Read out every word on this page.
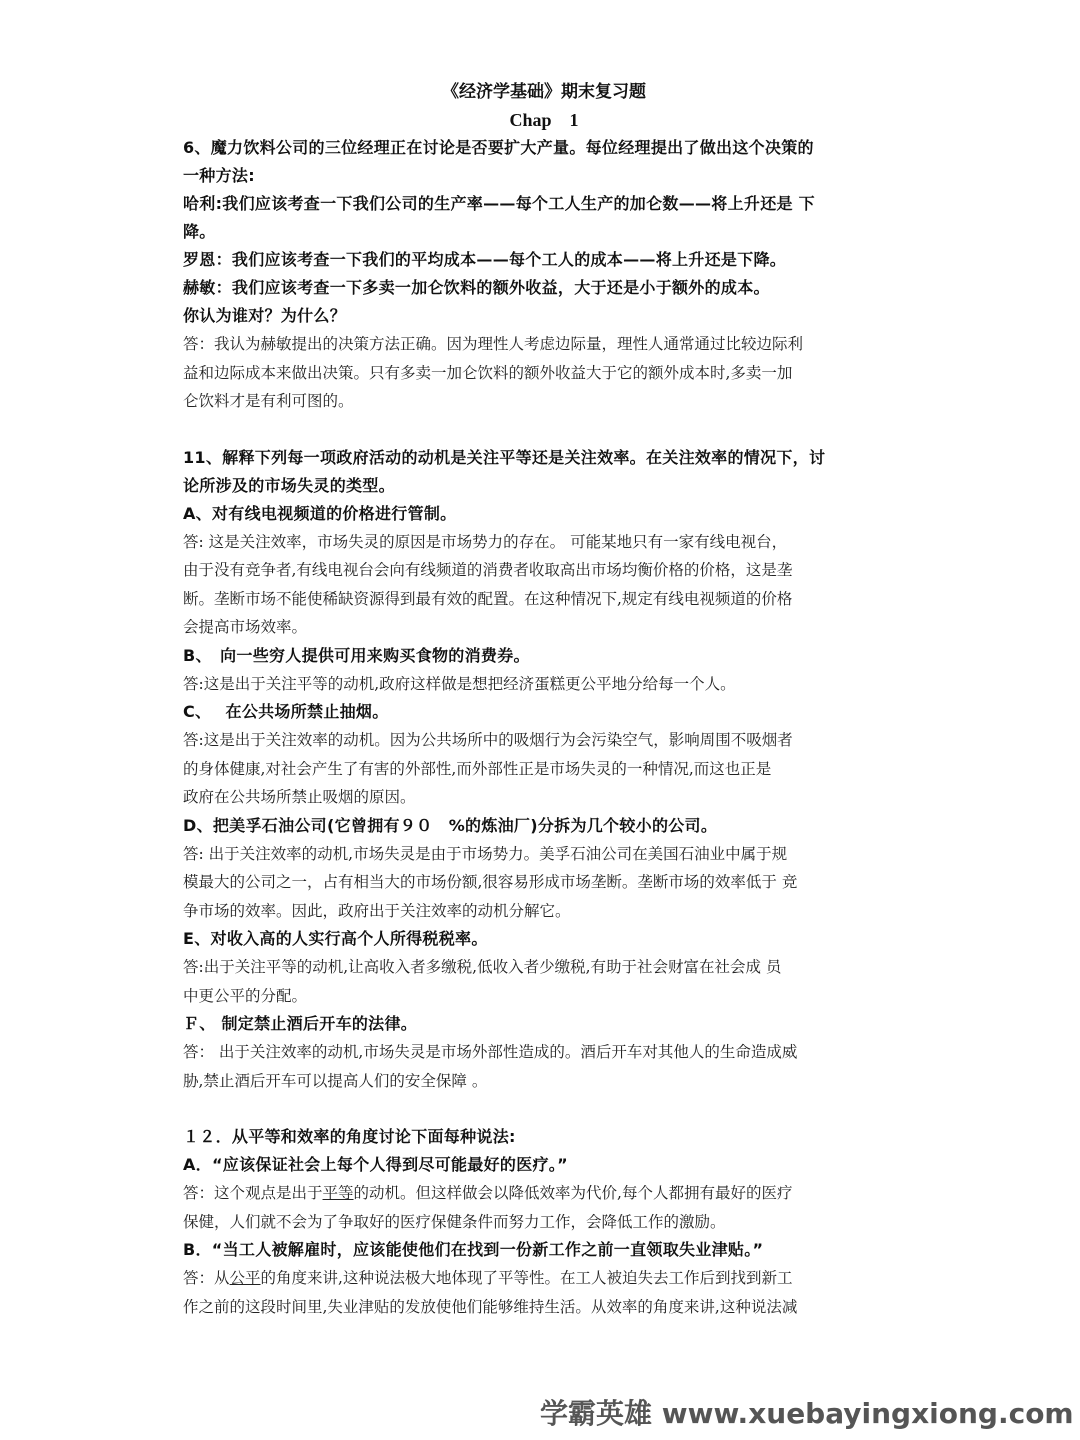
《经济学基础》期末复习题

Chap　1

6、魔力饮料公司的三位经理正在讨论是否要扩大产量。每位经理提出了做出这个决策的

一种方法:

哈利:我们应该考查一下我们公司的生产率——每个工人生产的加仑数——将上升还是 下

降。

罗恩：我们应该考查一下我们的平均成本——每个工人的成本——将上升还是下降。

赫敏：我们应该考查一下多卖一加仑饮料的额外收益，大于还是小于额外的成本。

你认为谁对？为什么？

答：我认为赫敏提出的决策方法正确。因为理性人考虑边际量，理性人通常通过比较边际利

益和边际成本来做出决策。只有多卖一加仑饮料的额外收益大于它的额外成本时,多卖一加

仑饮料才是有利可图的。

11、解释下列每一项政府活动的动机是关注平等还是关注效率。在关注效率的情况下，讨

论所涉及的市场失灵的类型。

A、对有线电视频道的价格进行管制。

答: 这是关注效率，市场失灵的原因是市场势力的存在。 可能某地只有一家有线电视台，

由于没有竞争者,有线电视台会向有线频道的消费者收取高出市场均衡价格的价格，这是垄

断。垄断市场不能使稀缺资源得到最有效的配置。在这种情况下,规定有线电视频道的价格

会提高市场效率。

B、　向一些穷人提供可用来购买食物的消费券。

答:这是出于关注平等的动机,政府这样做是想把经济蛋糕更公平地分给每一个人。

C、　 在公共场所禁止抽烟。

答:这是出于关注效率的动机。因为公共场所中的吸烟行为会污染空气，影响周围不吸烟者

的身体健康,对社会产生了有害的外部性,而外部性正是市场失灵的一种情况,而这也正是

政府在公共场所禁止吸烟的原因。

D、把美孚石油公司(它曾拥有９０　%的炼油厂)分拆为几个较小的公司。

答: 出于关注效率的动机,市场失灵是由于市场势力。美孚石油公司在美国石油业中属于规

模最大的公司之一，占有相当大的市场份额,很容易形成市场垄断。垄断市场的效率低于 竞

争市场的效率。因此，政府出于关注效率的动机分解它。

E、对收入高的人实行高个人所得税税率。

答:出于关注平等的动机,让高收入者多缴税,低收入者少缴税,有助于社会财富在社会成 员

中更公平的分配。

Ｆ、 制定禁止酒后开车的法律。

答： 出于关注效率的动机,市场失灵是市场外部性造成的。酒后开车对其他人的生命造成威

胁,禁止酒后开车可以提高人们的安全保障 。

１２．从平等和效率的角度讨论下面每种说法:

A．“应该保证社会上每个人得到尽可能最好的医疗。”

答：这个观点是出于平等的动机。但这样做会以降低效率为代价,每个人都拥有最好的医疗

保健，人们就不会为了争取好的医疗保健条件而努力工作，会降低工作的激励。

B．“当工人被解雇时，应该能使他们在找到一份新工作之前一直领取失业津贴。”

答：从公平的角度来讲,这种说法极大地体现了平等性。在工人被迫失去工作后到找到新工

作之前的这段时间里,失业津贴的发放使他们能够维持生活。从效率的角度来讲,这种说法减

学霸英雄 www.xuebayingxiong.com
